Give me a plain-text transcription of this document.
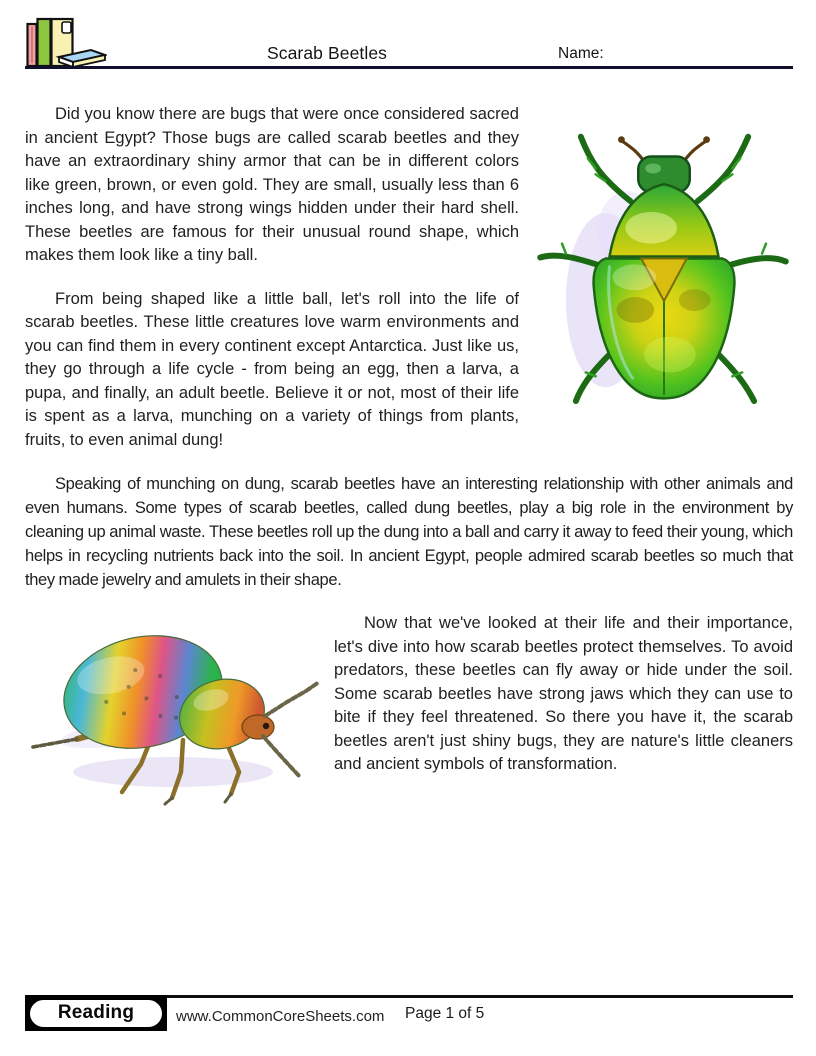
Scarab Beetles	Name:

Did you know there are bugs that were once considered sacred in ancient Egypt? Those bugs are called scarab beetles and they have an extraordinary shiny armor that can be in different colors like green, brown, or even gold. They are small, usually less than 6 inches long, and have strong wings hidden under their hard shell. These beetles are famous for their unusual round shape, which makes them look like a tiny ball.

From being shaped like a little ball, let's roll into the life of scarab beetles. These little creatures love warm environments and you can find them in every continent except Antarctica. Just like us, they go through a life cycle - from being an egg, then a larva, a pupa, and finally, an adult beetle. Believe it or not, most of their life is spent as a larva, munching on a variety of things from plants, fruits, to even animal dung!

Speaking of munching on dung, scarab beetles have an interesting relationship with other animals and even humans. Some types of scarab beetles, called dung beetles, play a big role in the environment by cleaning up animal waste. These beetles roll up the dung into a ball and carry it away to feed their young, which helps in recycling nutrients back into the soil. In ancient Egypt, people admired scarab beetles so much that they made jewelry and amulets in their shape.

Now that we've looked at their life and their importance, let's dive into how scarab beetles protect themselves. To avoid predators, these beetles can fly away or hide under the soil. Some scarab beetles have strong jaws which they can use to bite if they feel threatened. So there you have it, the scarab beetles aren't just shiny bugs, they are nature's little cleaners and ancient symbols of transformation.

Reading	www.CommonCoreSheets.com Page 1 of 5
